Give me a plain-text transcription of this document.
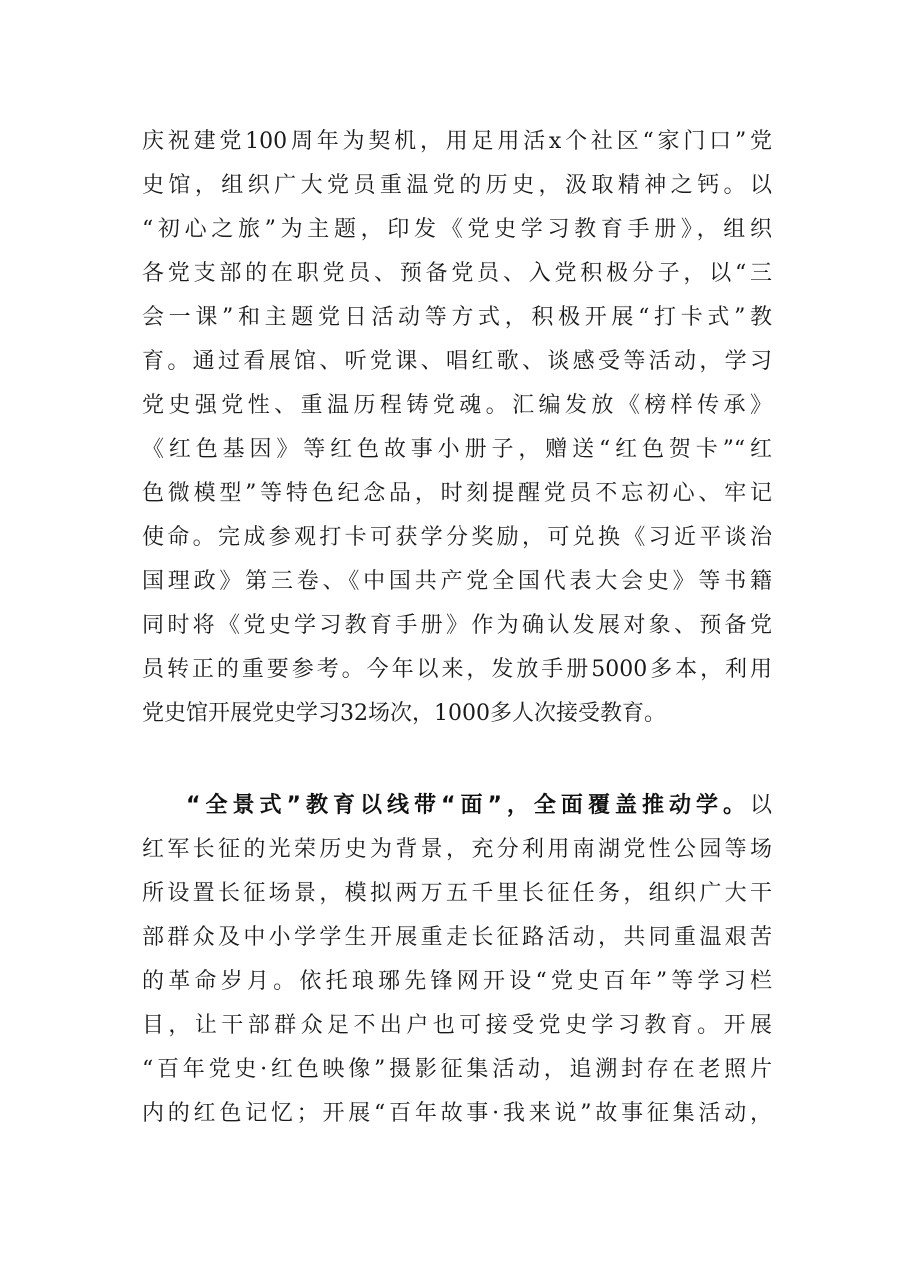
庆祝建党100周年为契机，用足用活x个社区“家门口”党
史馆，组织广大党员重温党的历史，汲取精神之钙。以
“初心之旅”为主题，印发《党史学习教育手册》，组织
各党支部的在职党员、预备党员、入党积极分子，以“三
会一课”和主题党日活动等方式，积极开展“打卡式”教
育。通过看展馆、听党课、唱红歌、谈感受等活动，学习
党史强党性、重温历程铸党魂。汇编发放《榜样传承》
《红色基因》等红色故事小册子，赠送“红色贺卡”“红
色微模型”等特色纪念品，时刻提醒党员不忘初心、牢记
使命。完成参观打卡可获学分奖励，可兑换《习近平谈治
国理政》第三卷、《中国共产党全国代表大会史》等书籍
同时将《党史学习教育手册》作为确认发展对象、预备党
员转正的重要参考。今年以来，发放手册5000多本，利用
党史馆开展党史学习32场次，1000多人次接受教育。
“全景式”教育以线带“面”，全面覆盖推动学。以
红军长征的光荣历史为背景，充分利用南湖党性公园等场
所设置长征场景，模拟两万五千里长征任务，组织广大干
部群众及中小学学生开展重走长征路活动，共同重温艰苦
的革命岁月。依托琅琊先锋网开设“党史百年”等学习栏
目，让干部群众足不出户也可接受党史学习教育。开展
“百年党史·红色映像”摄影征集活动，追溯封存在老照片
内的红色记忆；开展“百年故事·我来说”故事征集活动，
